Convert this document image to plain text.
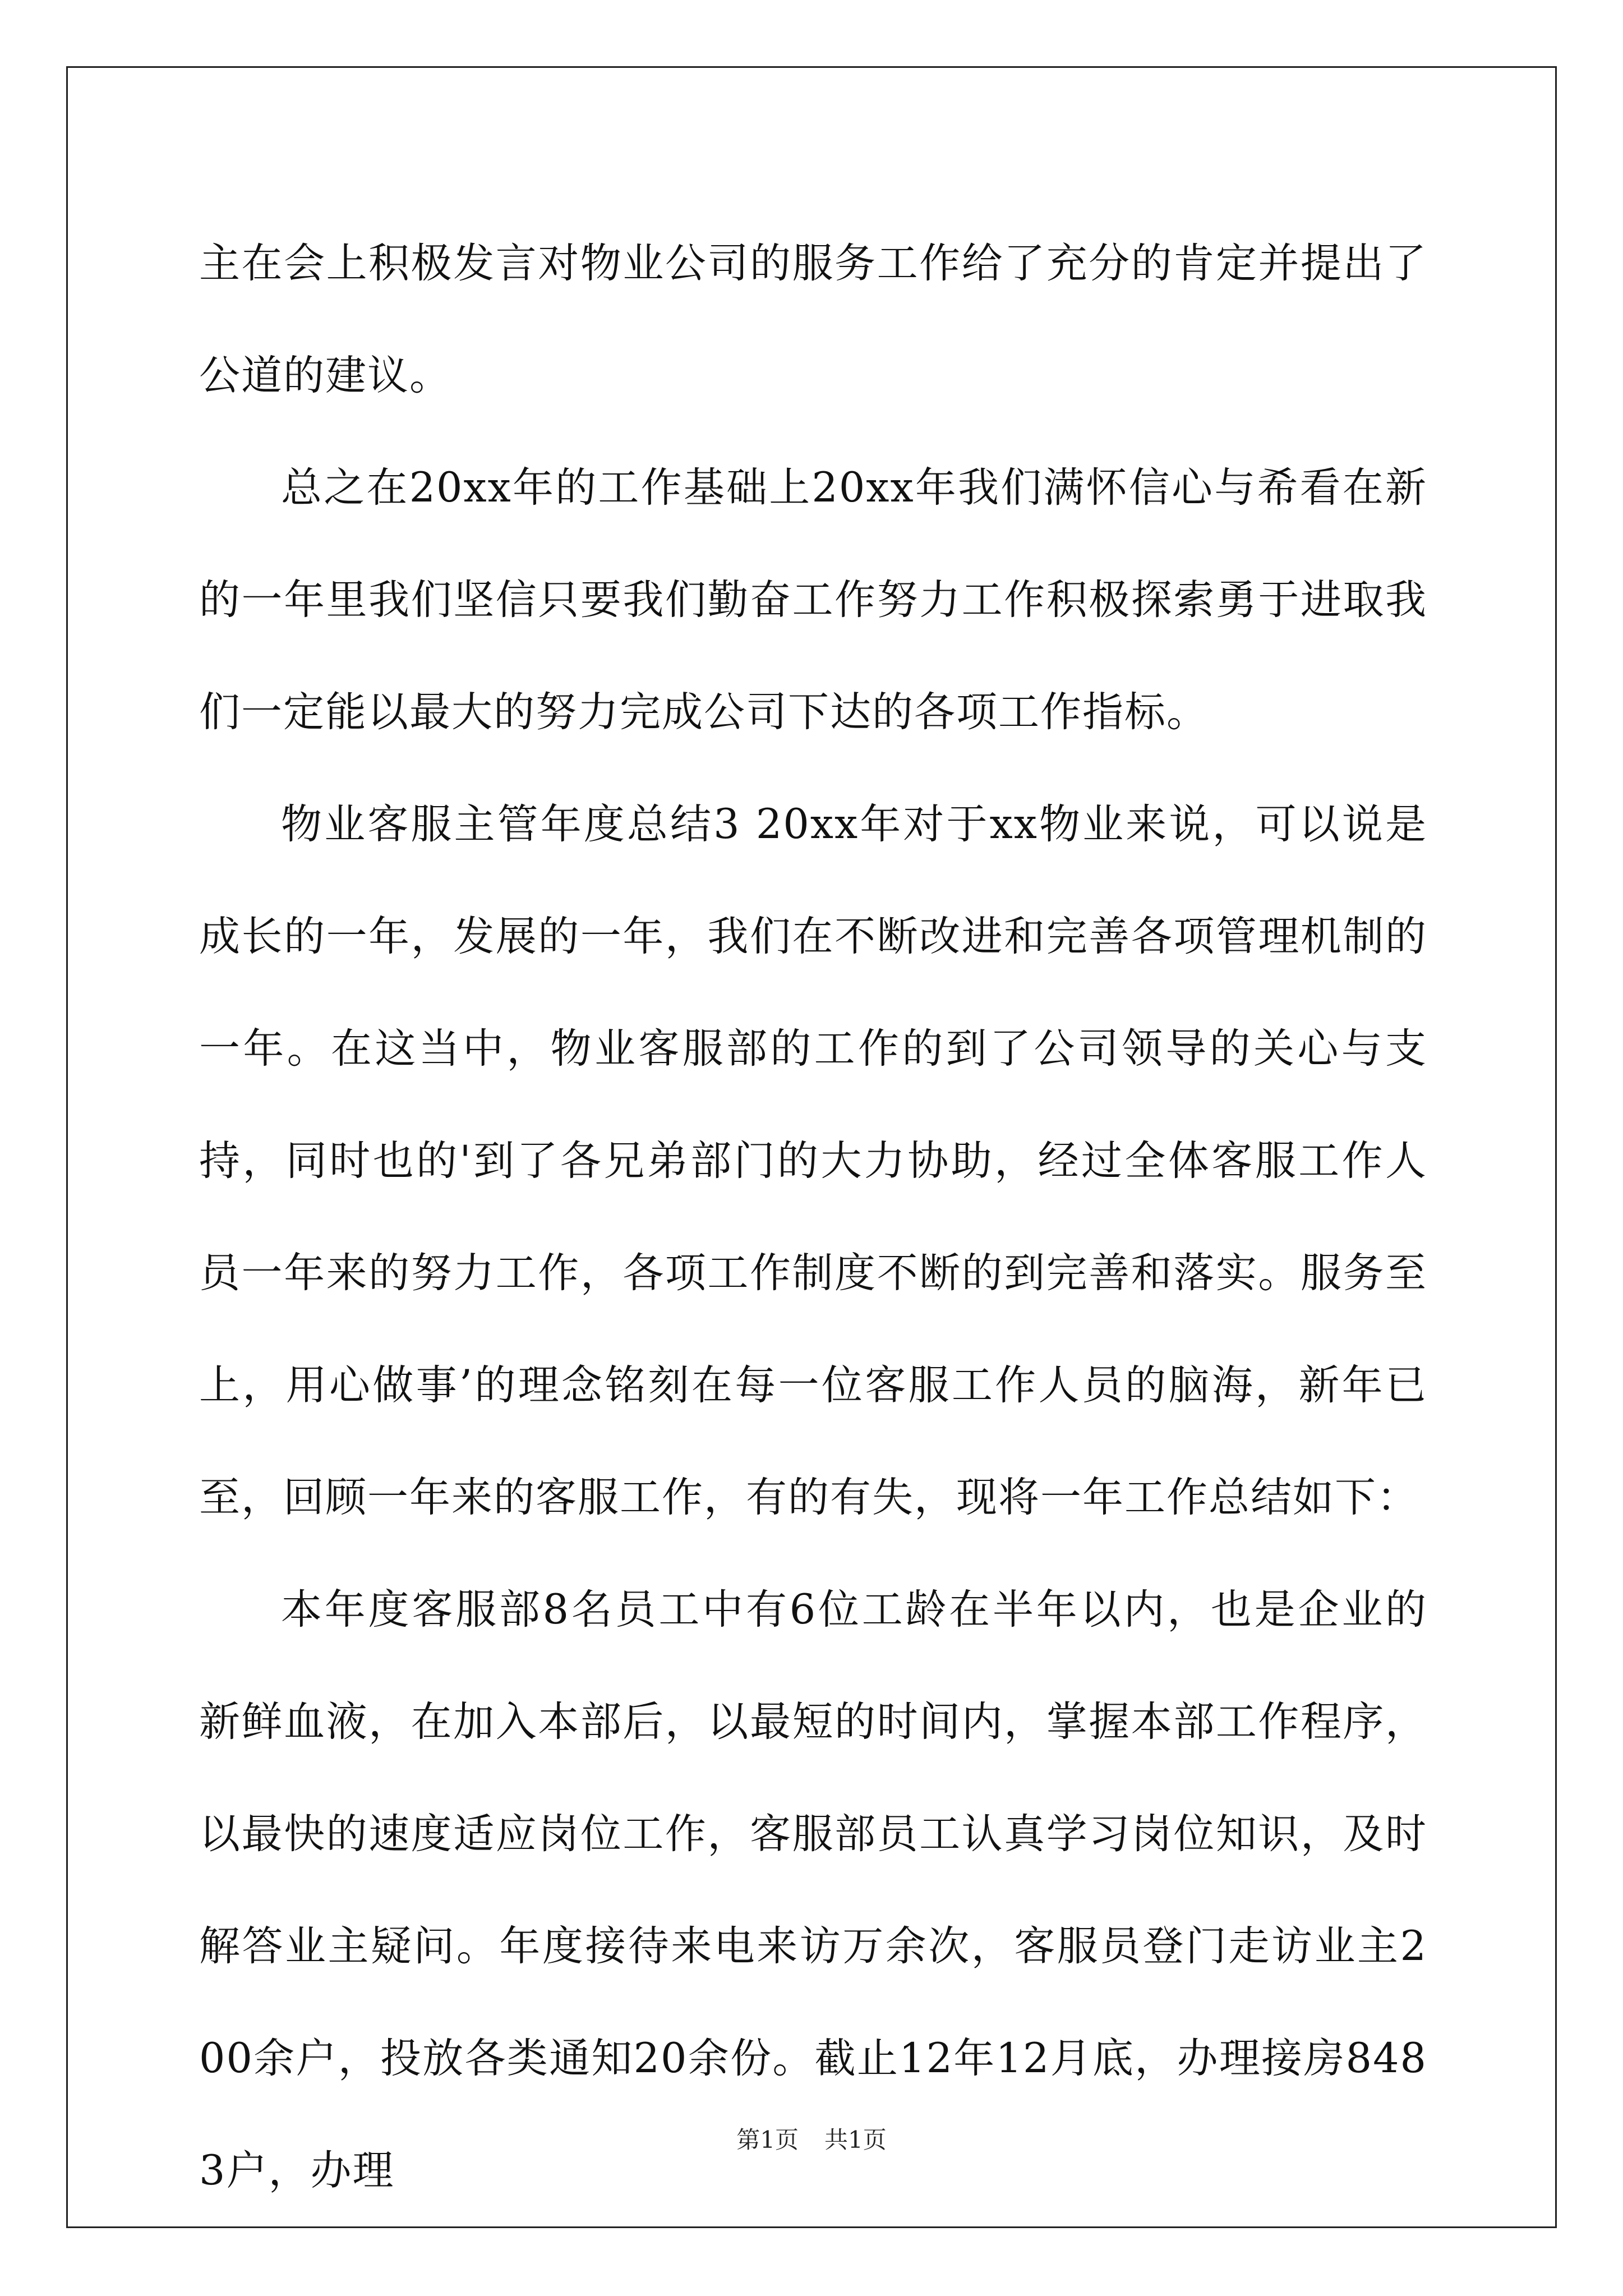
主在会上积极发言对物业公司的服务工作给了充分的肯定并提出了公道的建议。

总之在20xx年的工作基础上20xx年我们满怀信心与希看在新的一年里我们坚信只要我们勤奋工作努力工作积极探索勇于进取我们一定能以最大的努力完成公司下达的各项工作指标。

物业客服主管年度总结3 20xx年对于xx物业来说，可以说是成长的一年，发展的一年，我们在不断改进和完善各项管理机制的一年。在这当中，物业客服部的工作的到了公司领导的关心与支持，同时也的'到了各兄弟部门的大力协助，经过全体客服工作人员一年来的努力工作，各项工作制度不断的到完善和落实。服务至上，用心做事’的理念铭刻在每一位客服工作人员的脑海，新年已至，回顾一年来的客服工作，有的有失，现将一年工作总结如下：

本年度客服部8名员工中有6位工龄在半年以内，也是企业的新鲜血液，在加入本部后，以最短的时间内，掌握本部工作程序，以最快的速度适应岗位工作，客服部员工认真学习岗位知识，及时解答业主疑问。年度接待来电来访万余次，客服员登门走访业主200余户，投放各类通知20余份。截止12年12月底，办理接房8483户，办理

第1页 共1页
